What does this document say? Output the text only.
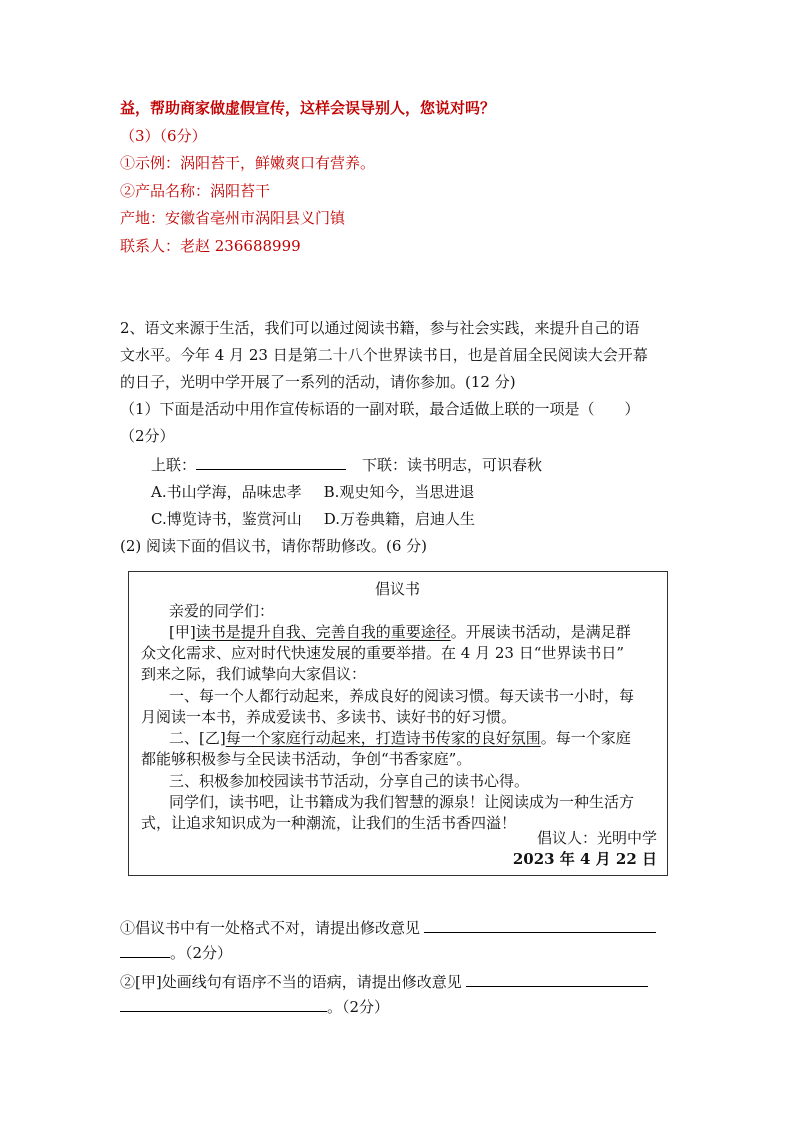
益，帮助商家做虚假宣传，这样会误导别人，您说对吗？
（3）（6分）
①示例：涡阳苔干，鲜嫩爽口有营养。
②产品名称：涡阳苔干
产地：安徽省亳州市涡阳县义门镇
联系人：老赵 236688999
2、语文来源于生活，我们可以通过阅读书籍，参与社会实践，来提升自己的语
文水平。今年 4 月 23 日是第二十八个世界读书日，也是首届全民阅读大会开幕
的日子，光明中学开展了一系列的活动，请你参加。(12 分)
（1）下面是活动中用作宣传标语的一副对联，最合适做上联的一项是（　　）
（2分）
上联：	下联：读书明志，可识春秋
A.书山学海，品味忠孝 B.观史知今，当思进退
C.博览诗书，鉴赏河山 D.万卷典籍，启迪人生
(2) 阅读下面的倡议书，请你帮助修改。(6 分)
倡议书
亲爱的同学们：
[甲]读书是提升自我、完善自我的重要途径。开展读书活动，是满足群
众文化需求、应对时代快速发展的重要举措。在 4 月 23 日“世界读书日”
到来之际，我们诚挚向大家倡议：
一、每一个人都行动起来，养成良好的阅读习惯。每天读书一小时，每
月阅读一本书，养成爱读书、多读书、读好书的好习惯。
二、[乙]每一个家庭行动起来，打造诗书传家的良好氛围。每一个家庭
都能够积极参与全民读书活动，争创“书香家庭”。
三、积极参加校园读书节活动，分享自己的读书心得。
同学们，读书吧，让书籍成为我们智慧的源泉！让阅读成为一种生活方
式，让追求知识成为一种潮流，让我们的生活书香四溢！
倡议人：光明中学
2023 年 4 月 22 日
①倡议书中有一处格式不对，请提出修改意见
。（2分）
②[甲]处画线句有语序不当的语病，请提出修改意见
。（2分）
